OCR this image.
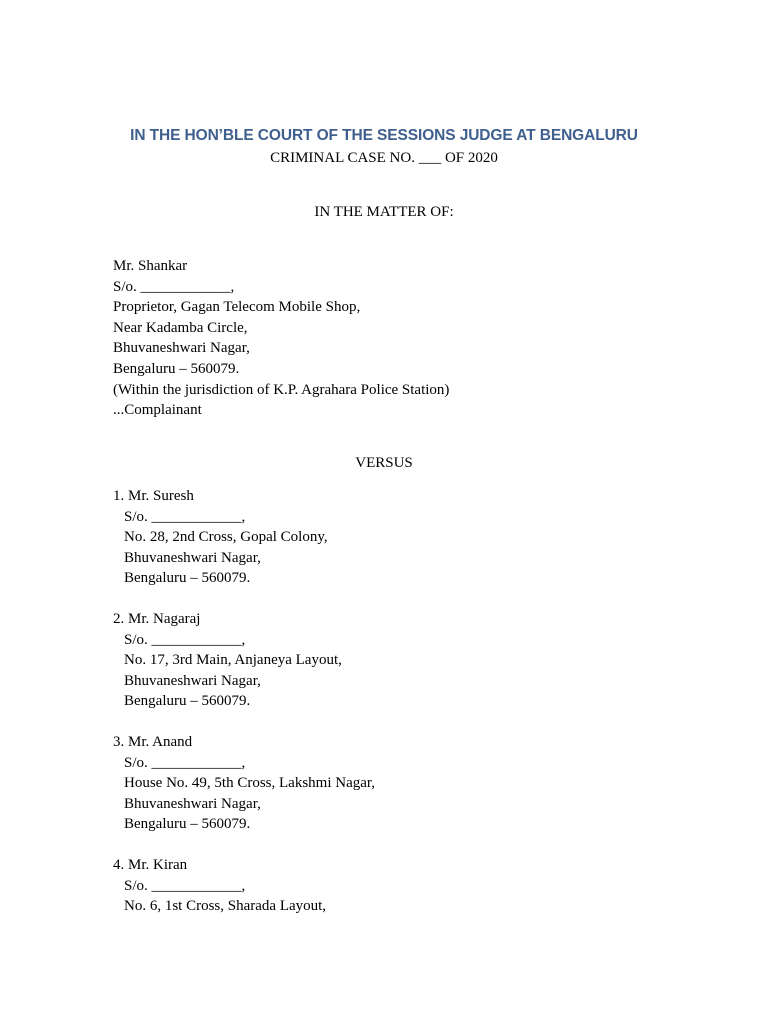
IN THE HON’BLE COURT OF THE SESSIONS JUDGE AT BENGALURU
CRIMINAL CASE NO. ___ OF 2020
IN THE MATTER OF:
Mr. Shankar
S/o. ____________,
Proprietor, Gagan Telecom Mobile Shop,
Near Kadamba Circle,
Bhuvaneshwari Nagar,
Bengaluru – 560079.
(Within the jurisdiction of K.P. Agrahara Police Station)
...Complainant
VERSUS
1. Mr. Suresh
S/o. ____________,
No. 28, 2nd Cross, Gopal Colony,
Bhuvaneshwari Nagar,
Bengaluru – 560079.
2. Mr. Nagaraj
S/o. ____________,
No. 17, 3rd Main, Anjaneya Layout,
Bhuvaneshwari Nagar,
Bengaluru – 560079.
3. Mr. Anand
S/o. ____________,
House No. 49, 5th Cross, Lakshmi Nagar,
Bhuvaneshwari Nagar,
Bengaluru – 560079.
4. Mr. Kiran
S/o. ____________,
No. 6, 1st Cross, Sharada Layout,
